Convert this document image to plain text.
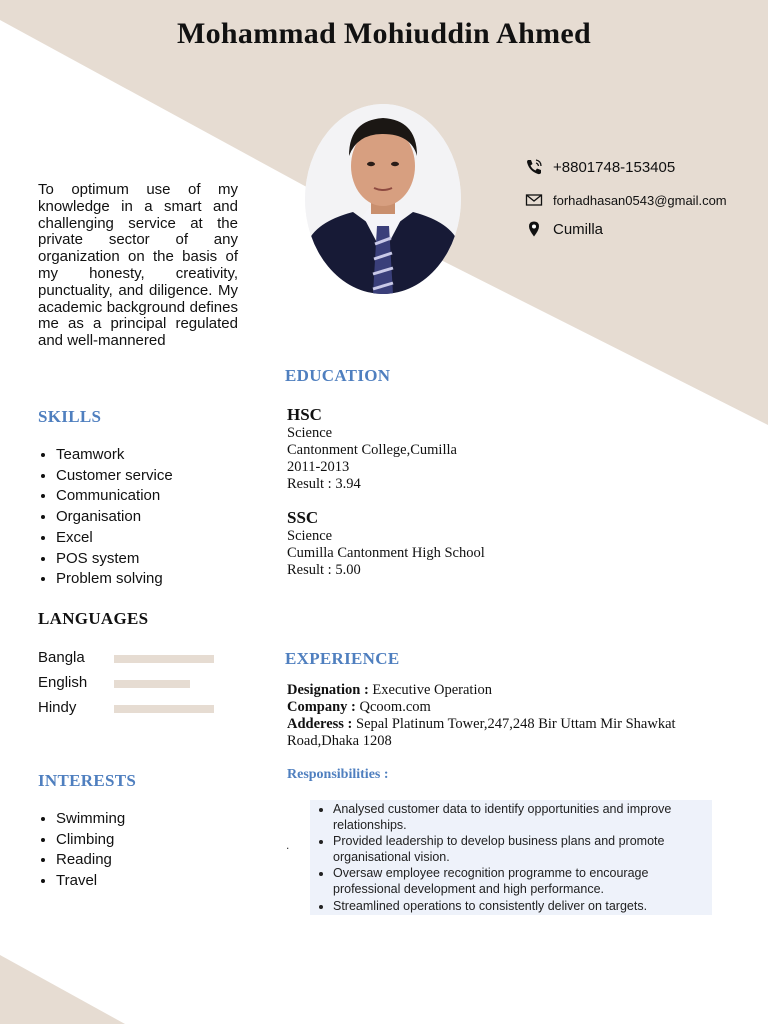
Mohammad Mohiuddin Ahmed
To optimum use of my knowledge in a smart and challenging service at the private sector of any organization on the basis of my honesty, creativity, punctuality, and diligence. My academic background defines me as a principal regulated and well-mannered
+8801748-153405
forhadhasan0543@gmail.com
Cumilla
EDUCATION
HSC
Science
Cantonment College,Cumilla
2011-2013
Result : 3.94
SSC
Science
Cumilla Cantonment High School
Result : 5.00
SKILLS
• Teamwork
• Customer service
• Communication
• Organisation
• Excel
• POS system
• Problem solving
LANGUAGES
Bangla
English
Hindy
EXPERIENCE
Designation : Executive Operation
Company : Qcoom.com
Adderess : Sepal Platinum Tower,247,248 Bir Uttam Mir Shawkat Road,Dhaka 1208
Responsibilities :
.
• Analysed customer data to identify opportunities and improve relationships.
• Provided leadership to develop business plans and promote organisational vision.
• Oversaw employee recognition programme to encourage professional development and high performance.
• Streamlined operations to consistently deliver on targets.
INTERESTS
• Swimming
• Climbing
• Reading
• Travel
